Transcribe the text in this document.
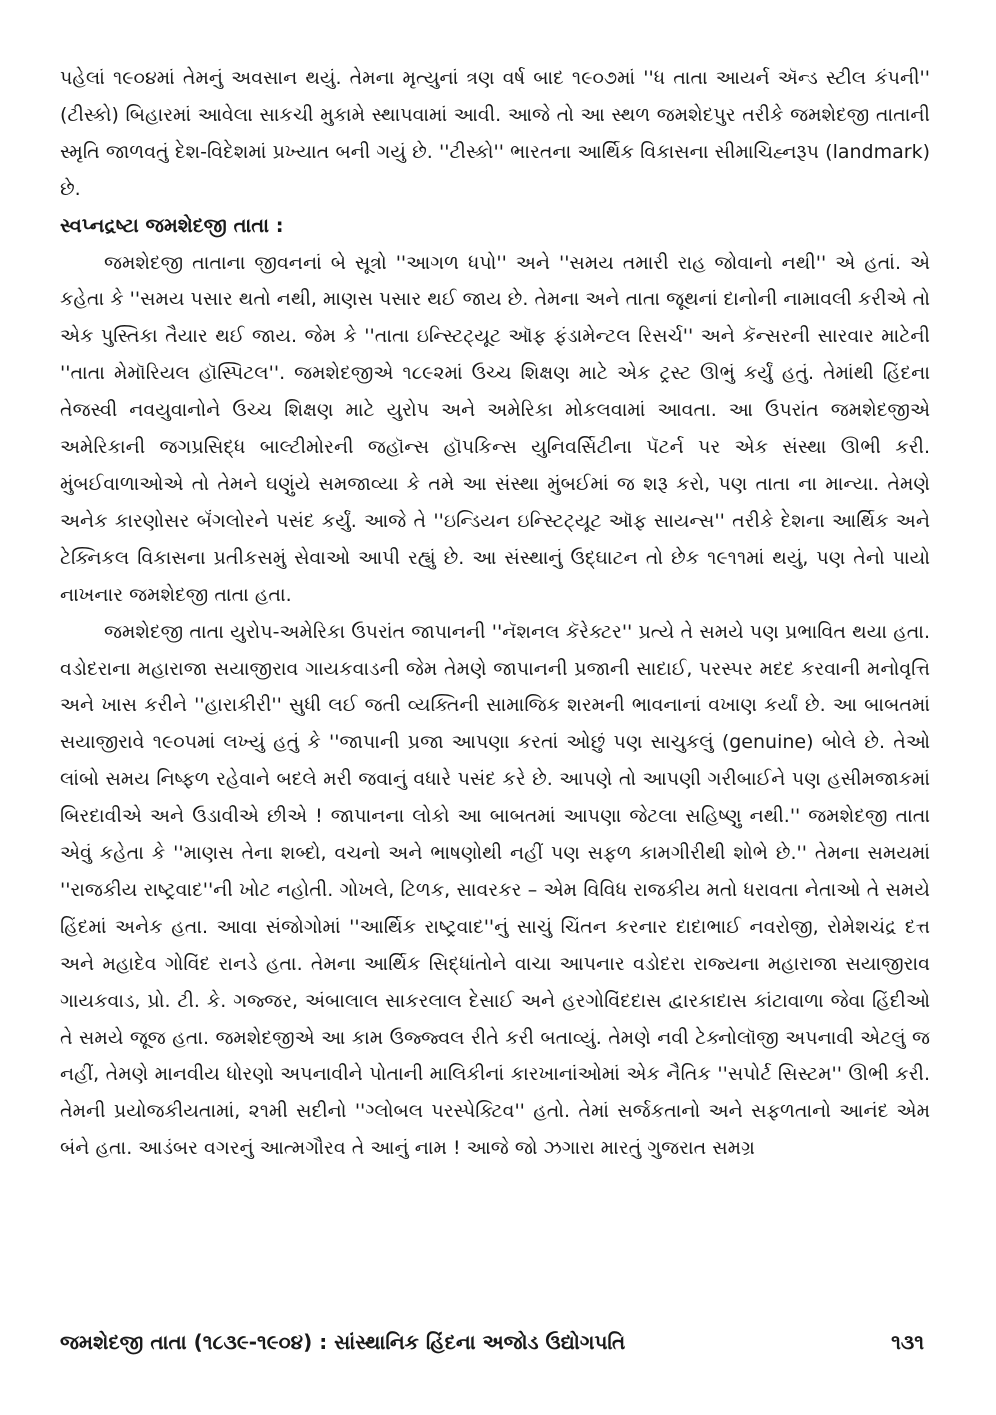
પહેલાં ૧૯૦૪માં તેમનું અવસાન થયું. તેમના મૃત્યુનાં ત્રણ વર્ષ બાદ ૧૯૦૭માં ''ધ તાતા આયર્ન ઍન્ડ સ્ટીલ કંપની'' (ટીસ્કો) બિહારમાં આવેલા સાકચી મુકામે સ્થાપવામાં આવી. આજે તો આ સ્થળ જમશેદપુર તરીકે જમશેદજી તાતાની સ્મૃતિ જાળવતું દેશ-વિદેશમાં પ્રખ્યાત બની ગયું છે. ''ટીસ્કો'' ભારતના આર્થિક વિકાસના સીમાચિહ્નરૂપ (landmark) છે.

સ્વપ્નદ્રષ્ટા જમશેદજી તાતા :

જમશેદજી તાતાના જીવનનાં બે સૂત્રો ''આગળ ધપો'' અને ''સમય તમારી રાહ જોવાનો નથી'' એ હતાં. એ કહેતા કે ''સમય પસાર થતો નથી, માણસ પસાર થઈ જાય છે. તેમના અને તાતા જૂથનાં દાનોની નામાવલી કરીએ તો એક પુસ્તિકા તૈયાર થઈ જાય. જેમ કે ''તાતા ઇન્સ્ટિટ્યૂટ ઑફ ફંડામેન્ટલ રિસર્ચ'' અને કૅન્સરની સારવાર માટેની ''તાતા મેમૉરિયલ હૉસ્પિટલ''. જમશેદજીએ ૧૮૯૨માં ઉચ્ચ શિક્ષણ માટે એક ટ્રસ્ટ ઊભું કર્યું હતું. તેમાંથી હિંદના તેજસ્વી નવયુવાનોને ઉચ્ચ શિક્ષણ માટે યુરોપ અને અમેરિકા મોકલવામાં આવતા. આ ઉપરાંત જમશેદજીએ અમેરિકાની જગપ્રસિદ્ધ બાલ્ટીમોરની જહૉન્સ હૉપકિન્સ યુનિવર્સિટીના પૅટર્ન પર એક સંસ્થા ઊભી કરી. મુંબઈવાળાઓએ તો તેમને ઘણુંયે સમજાવ્યા કે તમે આ સંસ્થા મુંબઈમાં જ શરૂ કરો, પણ તાતા ના માન્યા. તેમણે અનેક કારણોસર બૅંગલોરને પસંદ કર્યું. આજે તે ''ઇન્ડિયન ઇન્સ્ટિટ્યૂટ ઑફ સાયન્સ'' તરીકે દેશના આર્થિક અને ટેક્નિકલ વિકાસના પ્રતીકસમું સેવાઓ આપી રહ્યું છે. આ સંસ્થાનું ઉદ્ઘાટન તો છેક ૧૯૧૧માં થયું, પણ તેનો પાયો નાખનાર જમશેદજી તાતા હતા.

જમશેદજી તાતા યુરોપ-અમેરિકા ઉપરાંત જાપાનની ''નૅશનલ કૅરેક્ટર'' પ્રત્યે તે સમયે પણ પ્રભાવિત થયા હતા. વડોદરાના મહારાજા સયાજીરાવ ગાયકવાડની જેમ તેમણે જાપાનની પ્રજાની સાદાઈ, પરસ્પર મદદ કરવાની મનોવૃત્તિ અને ખાસ કરીને ''હારાકીરી'' સુધી લઈ જતી વ્યક્તિની સામાજિક શરમની ભાવનાનાં વખાણ કર્યાં છે. આ બાબતમાં સયાજીરાવે ૧૯૦૫માં લખ્યું હતું કે ''જાપાની પ્રજા આપણા કરતાં ઓછું પણ સાચુકલું (genuine) બોલે છે. તેઓ લાંબો સમય નિષ્ફળ રહેવાને બદલે મરી જવાનું વધારે પસંદ કરે છે. આપણે તો આપણી ગરીબાઈને પણ હસીમજાકમાં બિરદાવીએ અને ઉડાવીએ છીએ ! જાપાનના લોકો આ બાબતમાં આપણા જેટલા સહિષ્ણુ નથી.'' જમશેદજી તાતા એવું કહેતા કે ''માણસ તેના શબ્દો, વચનો અને ભાષણોથી નહીં પણ સફળ કામગીરીથી શોભે છે.'' તેમના સમયમાં ''રાજકીય રાષ્ટ્રવાદ''ની ખોટ નહોતી. ગોખલે, ટિળક, સાવરકર – એમ વિવિધ રાજકીય મતો ધરાવતા નેતાઓ તે સમયે હિંદમાં અનેક હતા. આવા સંજોગોમાં ''આર્થિક રાષ્ટ્રવાદ''નું સાચું ચિંતન કરનાર દાદાભાઈ નવરોજી, રોમેશચંદ્ર દત્ત અને મહાદેવ ગોવિંદ રાનડે હતા. તેમના આર્થિક સિદ્ધાંતોને વાચા આપનાર વડોદરા રાજ્યના મહારાજા સયાજીરાવ ગાયકવાડ, પ્રો. ટી. કે. ગજ્જર, અંબાલાલ સાકરલાલ દેસાઈ અને હરગોવિંદદાસ દ્વારકાદાસ કાંટાવાળા જેવા હિંદીઓ તે સમયે જૂજ હતા. જમશેદજીએ આ કામ ઉજ્જ્વલ રીતે કરી બતાવ્યું. તેમણે નવી ટેક્નોલૉજી અપનાવી એટલું જ નહીં, તેમણે માનવીય ધોરણો અપનાવીને પોતાની માલિકીનાં કારખાનાંઓમાં એક નૈતિક ''સપોર્ટ સિસ્ટમ'' ઊભી કરી. તેમની પ્રયોજકીયતામાં, ૨૧મી સદીનો ''ગ્લોબલ પરસ્પેક્ટિવ'' હતો. તેમાં સર્જકતાનો અને સફળતાનો આનંદ એમ બંને હતા. આડંબર વગરનું આત્મગૌરવ તે આનું નામ ! આજે જો ઝગારા મારતું ગુજરાત સમગ્ર

જમશેદજી તાતા (૧૮૩૯-૧૯૦૪) : સાંસ્થાનિક હિંદના અજોડ ઉદ્યોગપતિ	૧૩૧
